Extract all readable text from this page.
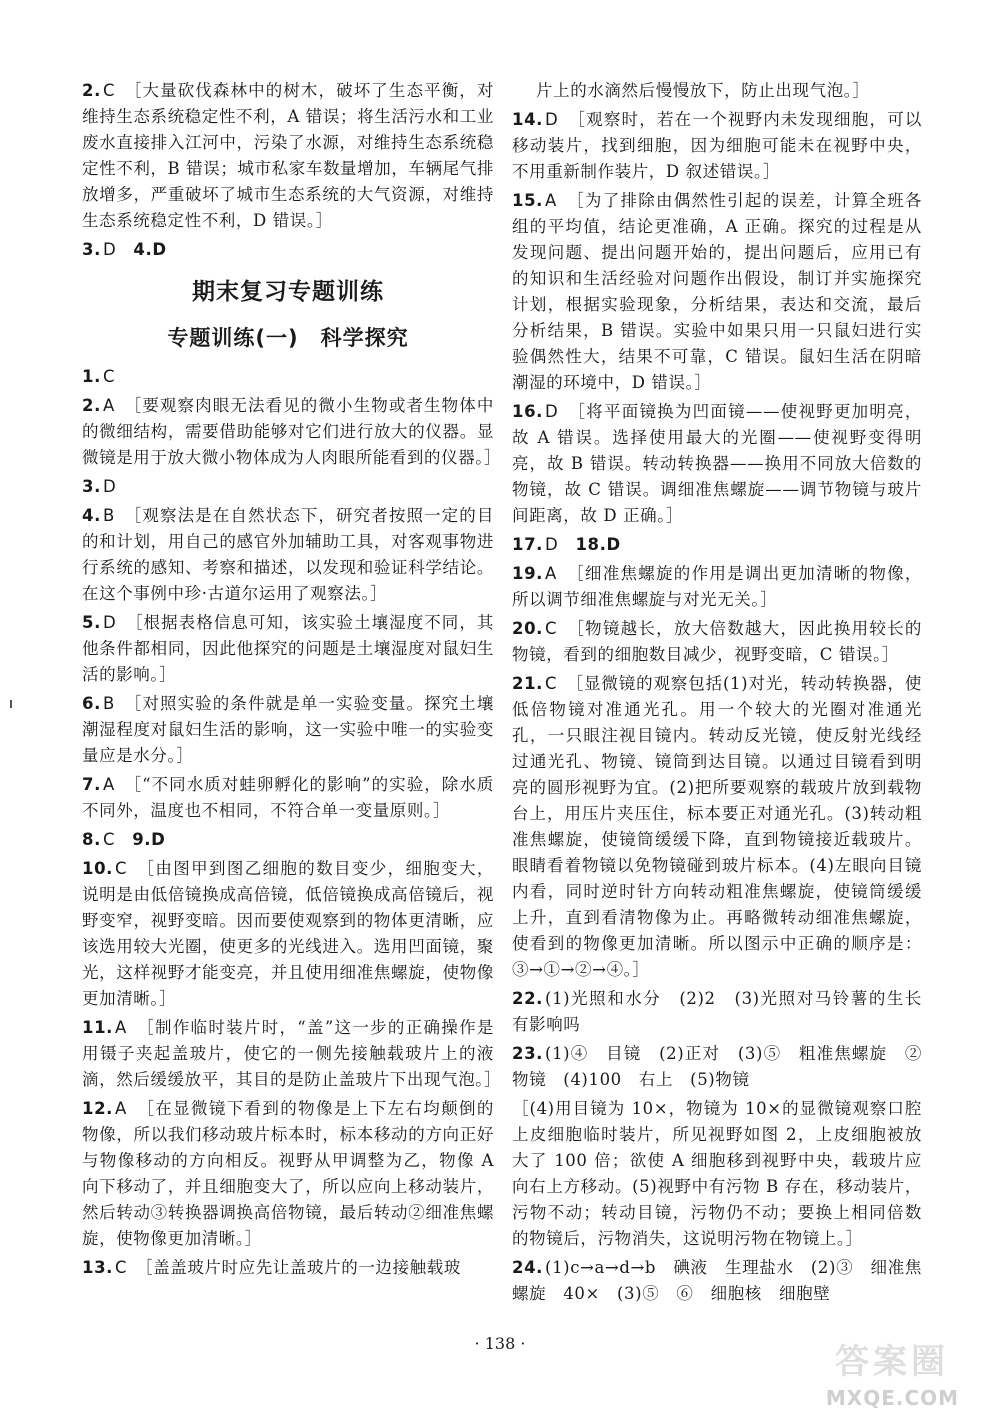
2. C　 ［大量砍伐森林中的树木，破坏了生态平衡，对维持生态系统稳定性不利，A 错误；将生活污水和工业废水直接排入江河中，污染了水源，对维持生态系统稳定性不利，B 错误；城市私家车数量增加，车辆尾气排放增多，严重破坏了城市生态系统的大气资源，对维持生态系统稳定性不利，D 错误。］

3. D　 4.D

期末复习专题训练
专题训练(一)　科学探究

1. C

2. A　 ［要观察肉眼无法看见的微小生物或者生物体中的微细结构，需要借助能够对它们进行放大的仪器。显微镜是用于放大微小物体成为人肉眼所能看到的仪器。］

3. D

4. B　 ［观察法是在自然状态下，研究者按照一定的目的和计划，用自己的感官外加辅助工具，对客观事物进行系统的感知、考察和描述，以发现和验证科学结论。在这个事例中珍·古道尔运用了观察法。］

5. D　 ［根据表格信息可知，该实验土壤湿度不同，其他条件都相同，因此他探究的问题是土壤湿度对鼠妇生活的影响。］

6. B　 ［对照实验的条件就是单一实验变量。探究土壤潮湿程度对鼠妇生活的影响，这一实验中唯一的实验变量应是水分。］

7. A　 ［“不同水质对蛙卵孵化的影响”的实验，除水质不同外，温度也不相同，不符合单一变量原则。］

8. C　 9.D

10. C　 ［由图甲到图乙细胞的数目变少，细胞变大，说明是由低倍镜换成高倍镜，低倍镜换成高倍镜后，视野变窄，视野变暗。因而要使观察到的物体更清晰，应该选用较大光圈，使更多的光线进入。选用凹面镜，聚光，这样视野才能变亮，并且使用细准焦螺旋，使物像更加清晰。］

11. A　 ［制作临时装片时，“盖”这一步的正确操作是用镊子夹起盖玻片，使它的一侧先接触载玻片上的液滴，然后缓缓放平，其目的是防止盖玻片下出现气泡。］

12. A　 ［在显微镜下看到的物像是上下左右均颠倒的物像，所以我们移动玻片标本时，标本移动的方向正好与物像移动的方向相反。视野从甲调整为乙，物像 A 向下移动了，并且细胞变大了，所以应向上移动装片，然后转动③转换器调换高倍物镜，最后转动②细准焦螺旋，使物像更加清晰。］

13. C　 ［盖盖玻片时应先让盖玻片的一边接触载玻

片上的水滴然后慢慢放下，防止出现气泡。］

14. D　 ［观察时，若在一个视野内未发现细胞，可以移动装片，找到细胞，因为细胞可能未在视野中央，不用重新制作装片，D 叙述错误。］

15. A　 ［为了排除由偶然性引起的误差，计算全班各组的平均值，结论更准确，A 正确。探究的过程是从发现问题、提出问题开始的，提出问题后，应用已有的知识和生活经验对问题作出假设，制订并实施探究计划，根据实验现象，分析结果，表达和交流，最后分析结果，B 错误。实验中如果只用一只鼠妇进行实验偶然性大，结果不可靠，C 错误。鼠妇生活在阴暗潮湿的环境中，D 错误。］

16. D　 ［将平面镜换为凹面镜——使视野更加明亮，故 A 错误。选择使用最大的光圈——使视野变得明亮，故 B 错误。转动转换器——换用不同放大倍数的物镜，故 C 错误。调细准焦螺旋——调节物镜与玻片间距离，故 D 正确。］

17. D　 18.D

19. A　 ［细准焦螺旋的作用是调出更加清晰的物像，所以调节细准焦螺旋与对光无关。］

20. C　 ［物镜越长，放大倍数越大，因此换用较长的物镜，看到的细胞数目减少，视野变暗，C 错误。］

21. C　 ［显微镜的观察包括(1)对光，转动转换器，使低倍物镜对准通光孔。用一个较大的光圈对准通光孔，一只眼注视目镜内。转动反光镜，使反射光线经过通光孔、物镜、镜筒到达目镜。以通过目镜看到明亮的圆形视野为宜。(2)把所要观察的载玻片放到载物台上，用压片夹压住，标本要正对通光孔。(3)转动粗准焦螺旋，使镜筒缓缓下降，直到物镜接近载玻片。眼睛看着物镜以免物镜碰到玻片标本。(4)左眼向目镜内看，同时逆时针方向转动粗准焦螺旋，使镜筒缓缓上升，直到看清物像为止。再略微转动细准焦螺旋，使看到的物像更加清晰。所以图示中正确的顺序是：③→①→②→④。］

22. (1)光照和水分　(2)2　(3)光照对马铃薯的生长有影响吗

23. (1)④　目镜　(2)正对　(3)⑤　粗准焦螺旋　②　物镜　(4)100　右上　(5)物镜

［(4)用目镜为 10×，物镜为 10×的显微镜观察口腔上皮细胞临时装片，所见视野如图 2，上皮细胞被放大了 100 倍；欲使 A 细胞移到视野中央，载玻片应向右上方移动。(5)视野中有污物 B 存在，移动装片，污物不动；转动目镜，污物仍不动；要换上相同倍数的物镜后，污物消失，这说明污物在物镜上。］

24. (1)c→a→d→b　碘液　生理盐水　(2)③　细准焦螺旋　40×　(3)⑤　⑥　细胞核　细胞壁

· 138 ·	答案圈
MXQE.COM
